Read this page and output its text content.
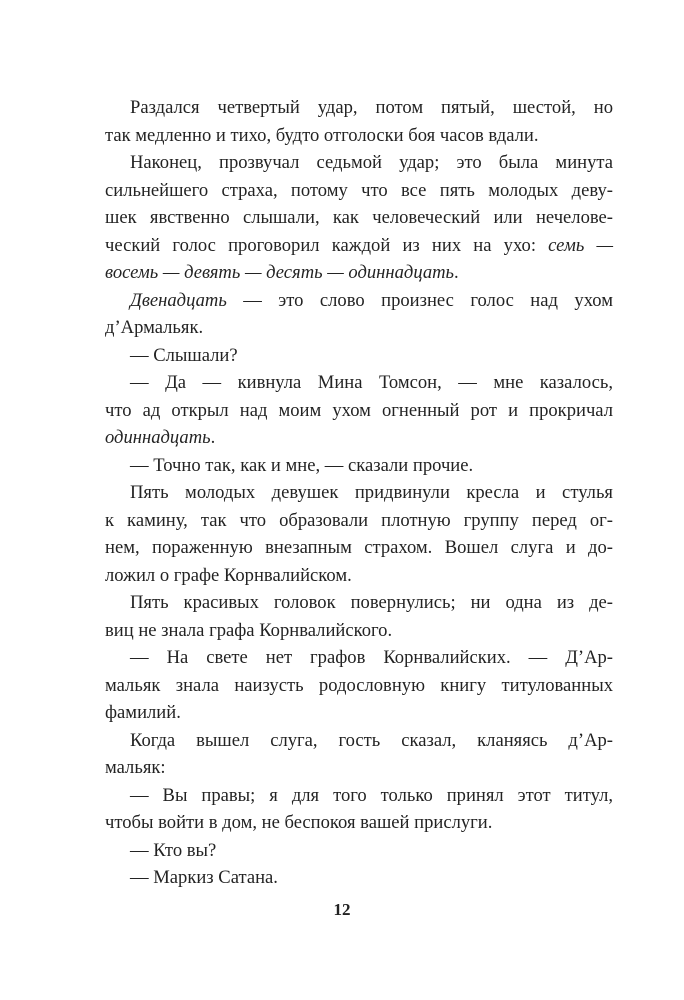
Раздался четвертый удар, потом пятый, шестой, но
так медленно и тихо, будто отголоски боя часов вдали.
Наконец, прозвучал седьмой удар; это была минута
сильнейшего страха, потому что все пять молодых деву-
шек явственно слышали, как человеческий или нечелове-
ческий голос проговорил каждой из них на ухо: семь —
восемь — девять — десять — одиннадцать.
Двенадцать — это слово произнес голос над ухом
д’Армальяк.
— Слышали?
— Да — кивнула Мина Томсон, — мне казалось,
что ад открыл над моим ухом огненный рот и прокричал
одиннадцать.
— Точно так, как и мне, — сказали прочие.
Пять молодых девушек придвинули кресла и стулья
к камину, так что образовали плотную группу перед ог-
нем, пораженную внезапным страхом. Вошел слуга и до-
ложил о графе Корнвалийском.
Пять красивых головок повернулись; ни одна из де-
виц не знала графа Корнвалийского.
— На свете нет графов Корнвалийских. — Д’Ар-
мальяк знала наизусть родословную книгу титулованных
фамилий.
Когда вышел слуга, гость сказал, кланяясь д’Ар-
мальяк:
— Вы правы; я для того только принял этот титул,
чтобы войти в дом, не беспокоя вашей прислуги.
— Кто вы?
— Маркиз Сатана.
12
